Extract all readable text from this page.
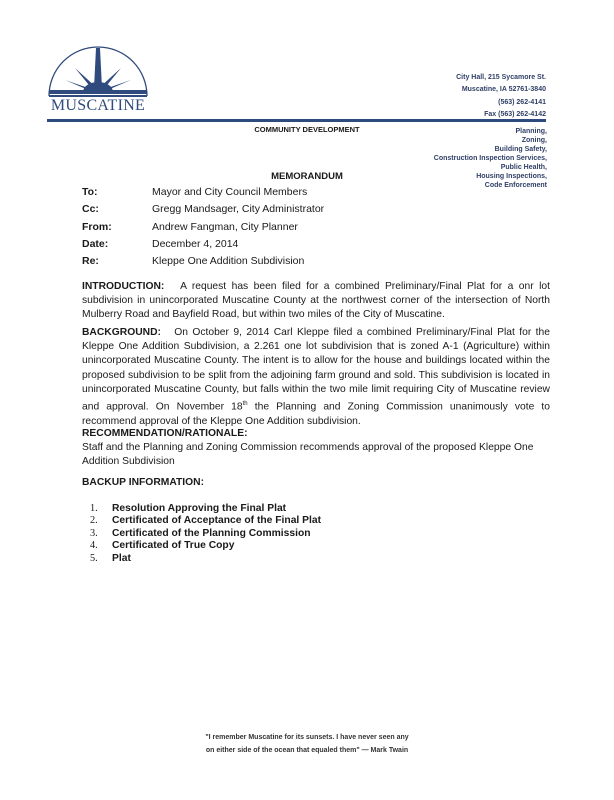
MUSCATINE
City Hall, 215 Sycamore St.
Muscatine, IA 52761-3840
(563) 262-4141
Fax (563) 262-4142
COMMUNITY DEVELOPMENT	Planning,
Zoning,
Building Safety,
Construction Inspection Services,
Public Health,
Housing Inspections,
Code Enforcement
MEMORANDUM
To:	Mayor and City Council Members
Cc:	Gregg Mandsager, City Administrator
From:	Andrew Fangman, City Planner
Date:	December 4, 2014
Re:	Kleppe One Addition Subdivision
INTRODUCTION: A request has been filed for a combined Preliminary/Final Plat for a onr lot subdivision in unincorporated Muscatine County at the northwest corner of the intersection of North Mulberry Road and Bayfield Road, but within two miles of the City of Muscatine.
BACKGROUND: On October 9, 2014 Carl Kleppe filed a combined Preliminary/Final Plat for the Kleppe One Addition Subdivision, a 2.261 one lot subdivision that is zoned A-1 (Agriculture) within unincorporated Muscatine County. The intent is to allow for the house and buildings located within the proposed subdivision to be split from the adjoining farm ground and sold. This subdivision is located in unincorporated Muscatine County, but falls within the two mile limit requiring City of Muscatine review and approval. On November 18th the Planning and Zoning Commission unanimously vote to recommend approval of the Kleppe One Addition subdivision.
RECOMMENDATION/RATIONALE:
Staff and the Planning and Zoning Commission recommends approval of the proposed Kleppe One Addition Subdivision
BACKUP INFORMATION:
1.	Resolution Approving the Final Plat
2.	Certificated of Acceptance of the Final Plat
3.	Certificated of the Planning Commission
4.	Certificated of True Copy
5.	Plat
"I remember Muscatine for its sunsets. I have never seen any
on either side of the ocean that equaled them" — Mark Twain
